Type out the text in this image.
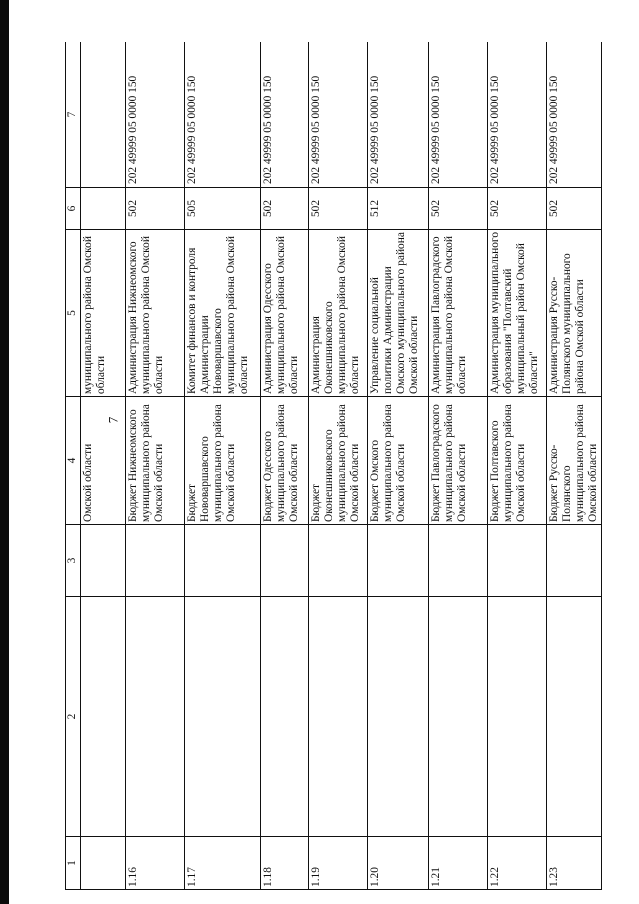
7
1	2	3	4	5	6	7
			Омской области	муниципального района Омской области		
1.16			Бюджет Нижнеомского муниципального района Омской области	Администрация Нижнеомского муниципального района Омской области	502	202 49999 05 0000 150
1.17			Бюджет Нововаршавского муниципального района Омской области	Комитет финансов и контроля Администрации Нововаршавского муниципального района Омской области	505	202 49999 05 0000 150
1.18			Бюджет Одесского муниципального района Омской области	Администрация Одесского муниципального района Омской области	502	202 49999 05 0000 150
1.19			Бюджет Оконешниковского муниципального района Омской области	Администрация Оконешниковского муниципального района Омской области	502	202 49999 05 0000 150
1.20			Бюджет Омского муниципального района Омской области	Управление социальной политики Администрации Омского муниципального района Омской области	512	202 49999 05 0000 150
1.21			Бюджет Павлоградского муниципального района Омской области	Администрация Павлоградского муниципального района Омской области	502	202 49999 05 0000 150
1.22			Бюджет Полтавского муниципального района Омской области	Администрация муниципального образования "Полтавский муниципальный район Омской области"	502	202 49999 05 0000 150
1.23			Бюджет Русско-Полянского муниципального района Омской области	Администрация Русско-Полянского муниципального района Омской области	502	202 49999 05 0000 150
